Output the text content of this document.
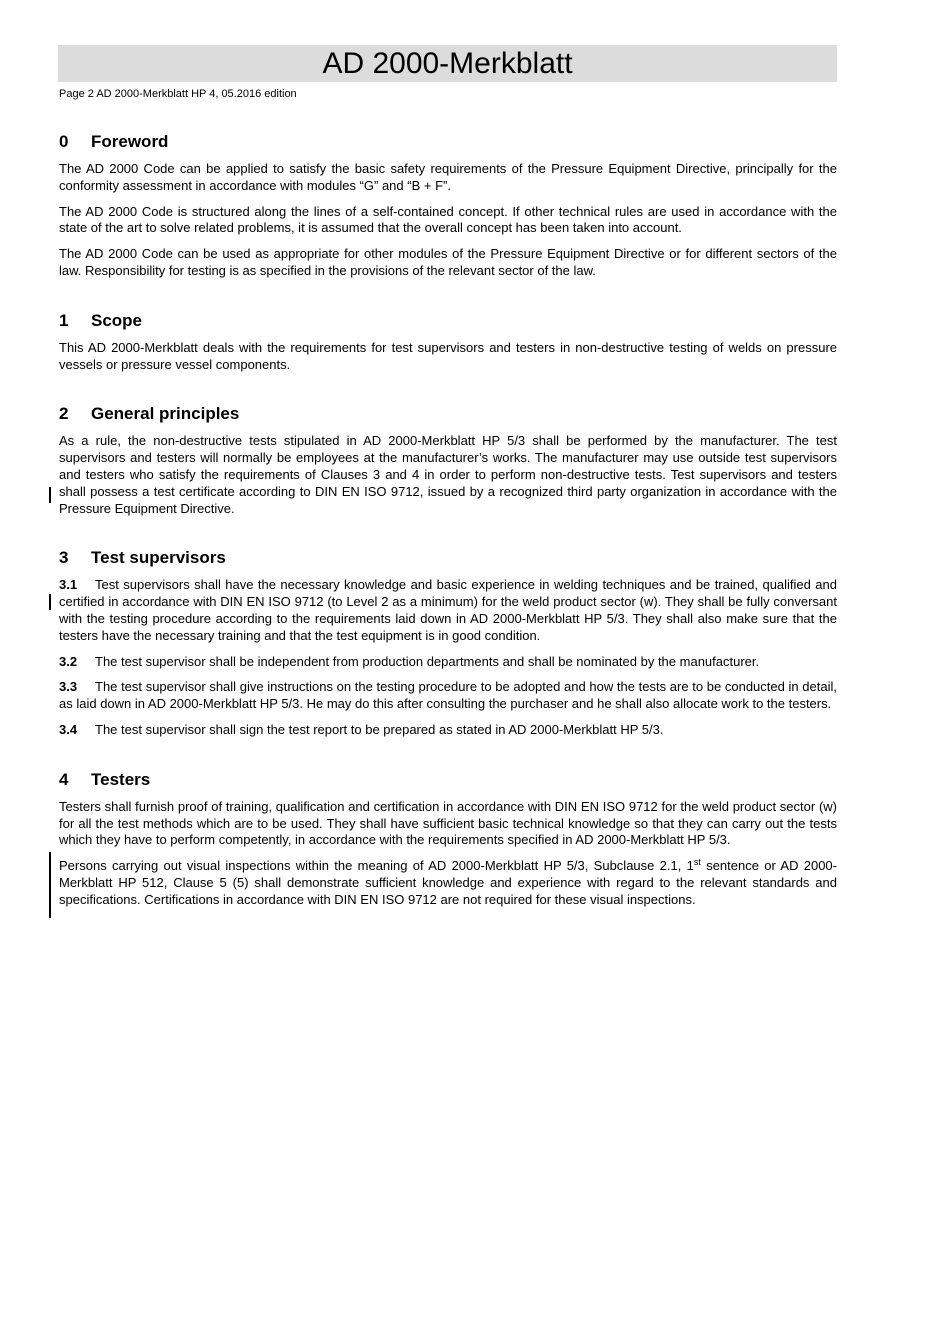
AD 2000-Merkblatt
Page 2 AD 2000-Merkblatt HP 4, 05.2016 edition
0 Foreword

The AD 2000 Code can be applied to satisfy the basic safety requirements of the Pressure Equipment Directive, principally for the conformity assessment in accordance with modules “G” and “B + F”.

The AD 2000 Code is structured along the lines of a self-contained concept. If other technical rules are used in accordance with the state of the art to solve related problems, it is assumed that the overall concept has been taken into account.

The AD 2000 Code can be used as appropriate for other modules of the Pressure Equipment Directive or for different sectors of the law. Responsibility for testing is as specified in the provisions of the relevant sector of the law.

1 Scope

This AD 2000-Merkblatt deals with the requirements for test supervisors and testers in non-destructive testing of welds on pressure vessels or pressure vessel components.

2 General principles

As a rule, the non-destructive tests stipulated in AD 2000-Merkblatt HP 5/3 shall be performed by the manufacturer. The test supervisors and testers will normally be employees at the manufacturer’s works. The manufacturer may use outside test supervisors and testers who satisfy the requirements of Clauses 3 and 4 in order to perform non-destructive tests. Test supervisors and testers shall possess a test certificate according to DIN EN ISO 9712, issued by a recognized third party organization in accordance with the Pressure Equipment Directive.

3 Test supervisors

3.1 Test supervisors shall have the necessary knowledge and basic experience in welding techniques and be trained, qualified and certified in accordance with DIN EN ISO 9712 (to Level 2 as a minimum) for the weld product sector (w). They shall be fully conversant with the testing procedure according to the requirements laid down in AD 2000-Merkblatt HP 5/3. They shall also make sure that the testers have the necessary training and that the test equipment is in good condition.

3.2 The test supervisor shall be independent from production departments and shall be nominated by the manufacturer.

3.3 The test supervisor shall give instructions on the testing procedure to be adopted and how the tests are to be conducted in detail, as laid down in AD 2000-Merkblatt HP 5/3. He may do this after consulting the purchaser and he shall also allocate work to the testers.

3.4 The test supervisor shall sign the test report to be prepared as stated in AD 2000-Merkblatt HP 5/3.

4 Testers

Testers shall furnish proof of training, qualification and certification in accordance with DIN EN ISO 9712 for the weld product sector (w) for all the test methods which are to be used. They shall have sufficient basic technical knowledge so that they can carry out the tests which they have to perform competently, in accordance with the requirements specified in AD 2000-Merkblatt HP 5/3.

Persons carrying out visual inspections within the meaning of AD 2000-Merkblatt HP 5/3, Subclause 2.1, 1st sentence or AD 2000-Merkblatt HP 512, Clause 5 (5) shall demonstrate sufficient knowledge and experience with regard to the relevant standards and specifications. Certifications in accordance with DIN EN ISO 9712 are not required for these visual inspections.
